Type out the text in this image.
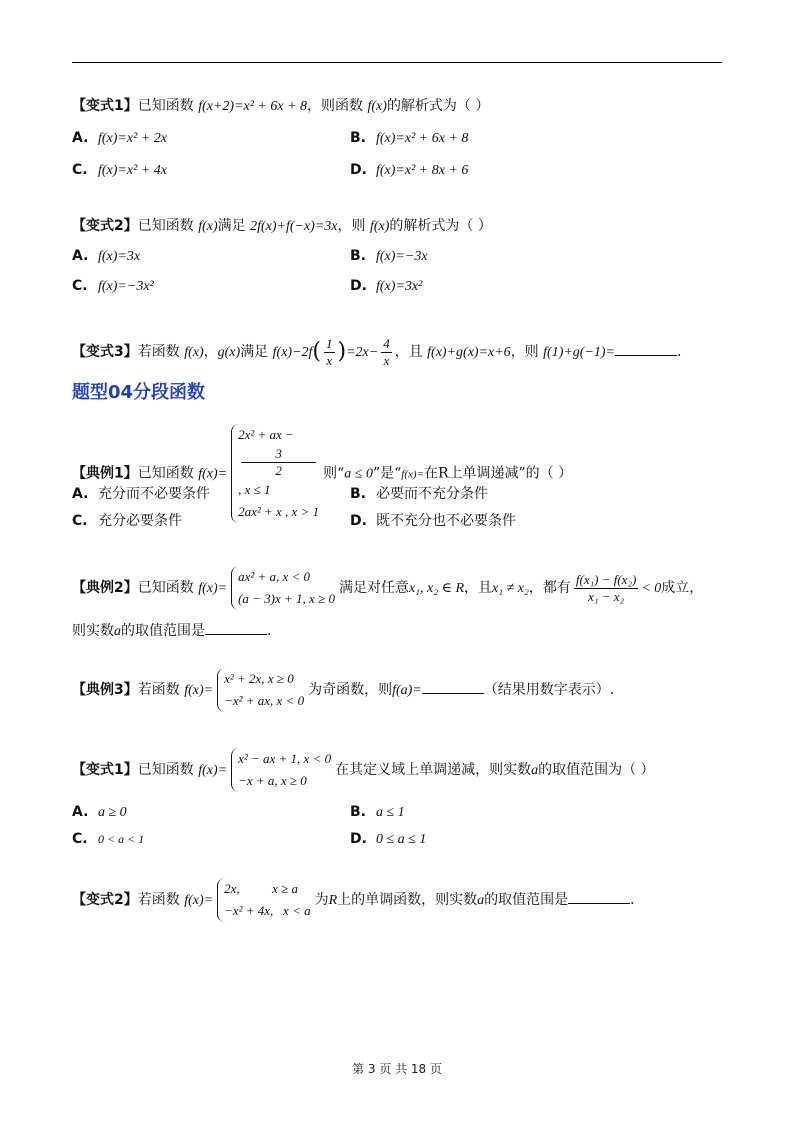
【变式1】已知函数 f(x+2)=x² + 6x + 8，则函数 f(x)的解析式为（ ）
A. f(x)=x² + 2x	B. f(x)=x² + 6x + 8
C. f(x)=x² + 4x	D. f(x)=x² + 8x + 6
【变式2】已知函数 f(x)满足 2f(x)+f(−x)=3x，则 f(x)的解析式为（ ）
A. f(x)=3x	B. f(x)=−3x
C. f(x)=−3x²	D. f(x)=3x²
【变式3】若函数 f(x)，g(x)满足 $f(x)-2f( \frac{1}{x} )=2x- \frac{4}{x}$ ，且 f(x)+g(x)=x+6，则 f(1)+g(−1)=	.
题型04分段函数
【典例1】已知函数 f(x)=
2x² + ax −
3
2
, x ≤ 1
2ax² + x , x > 1
则“a ≤ 0”是“f(x)=在R上单调递减”的（ ）
A. 充分而不必要条件	B. 必要而不充分条件
C. 充分必要条件	D. 既不充分也不必要条件
【典例2】已知函数 f(x)=
ax² + a, x < 0
(a − 3)x + 1, x ≥ 0
满足对任意x₁, x₂ ∈ R，且x₁ ≠ x₂，都有 $\frac{\text{f(x₁) − f(x₂)}}{\text{x₁ − x₂}} < 0$成立，
则实数a的取值范围是	.
【典例3】若函数 f(x)=
x² + 2x, x ≥ 0
−x² + ax, x < 0
为奇函数，则f(a)=	（结果用数字表示）.
【变式1】已知函数 f(x)=
x² − ax + 1, x < 0
−x + a, x ≥ 0
在其定义域上单调递减，则实数a的取值范围为（ ）
A. a ≥ 0	B. a ≤ 1
C. 0 < a < 1	D. 0 ≤ a ≤ 1
【变式2】若函数 f(x)=
2x,          x ≥ a
−x² + 4x,   x < a
为R上的单调函数，则实数a的取值范围是	.
第 3 页 共 18 页
